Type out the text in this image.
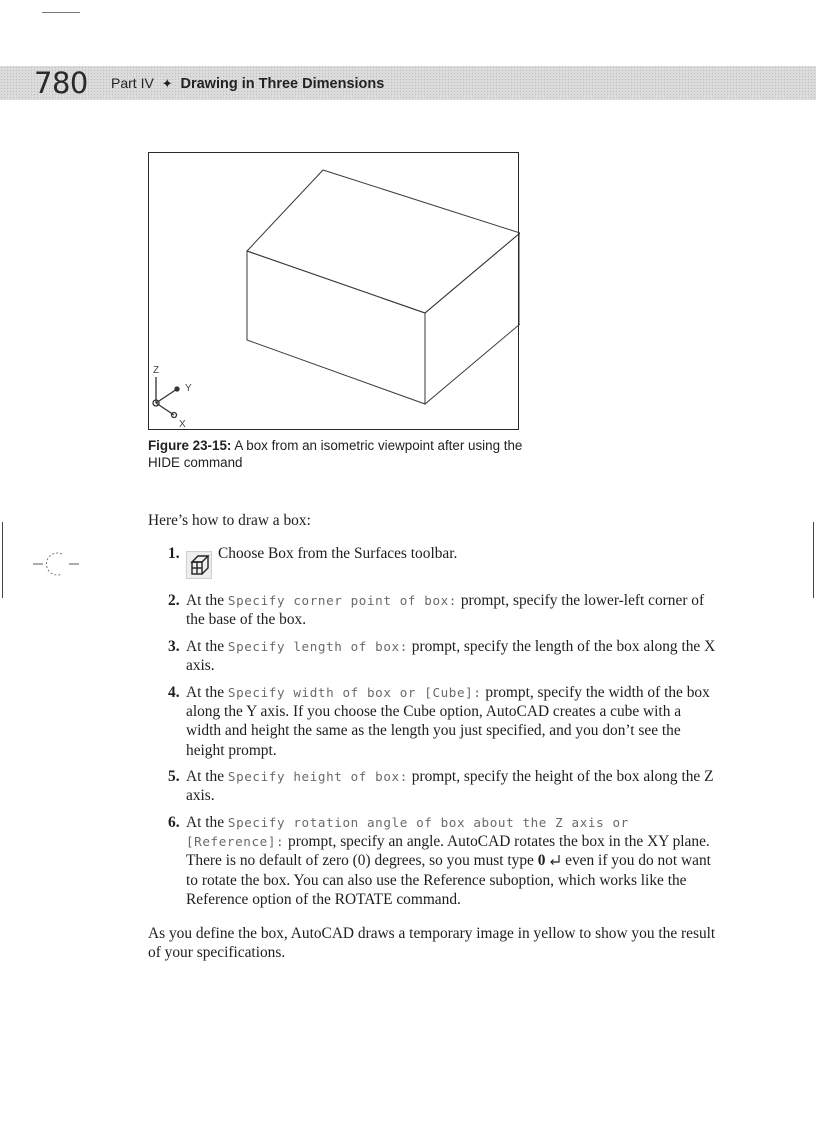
780 Part IV ✦ Drawing in Three Dimensions
Z
Y
X
Figure 23-15: A box from an isometric viewpoint after using the HIDE command
Here’s how to draw a box:
1. Choose Box from the Surfaces toolbar.
2. At the Specify corner point of box: prompt, specify the lower-left corner of the base of the box.
3. At the Specify length of box: prompt, specify the length of the box along the X axis.
4. At the Specify width of box or [Cube]: prompt, specify the width of the box along the Y axis. If you choose the Cube option, AutoCAD creates a cube with a width and height the same as the length you just specified, and you don’t see the height prompt.
5. At the Specify height of box: prompt, specify the height of the box along the Z axis.
6. At the Specify rotation angle of box about the Z axis or [Reference]: prompt, specify an angle. AutoCAD rotates the box in the XY plane. There is no default of zero (0) degrees, so you must type 0  even if you do not want to rotate the box. You can also use the Reference suboption, which works like the Reference option of the ROTATE command.
As you define the box, AutoCAD draws a temporary image in yellow to show you the result of your specifications.
